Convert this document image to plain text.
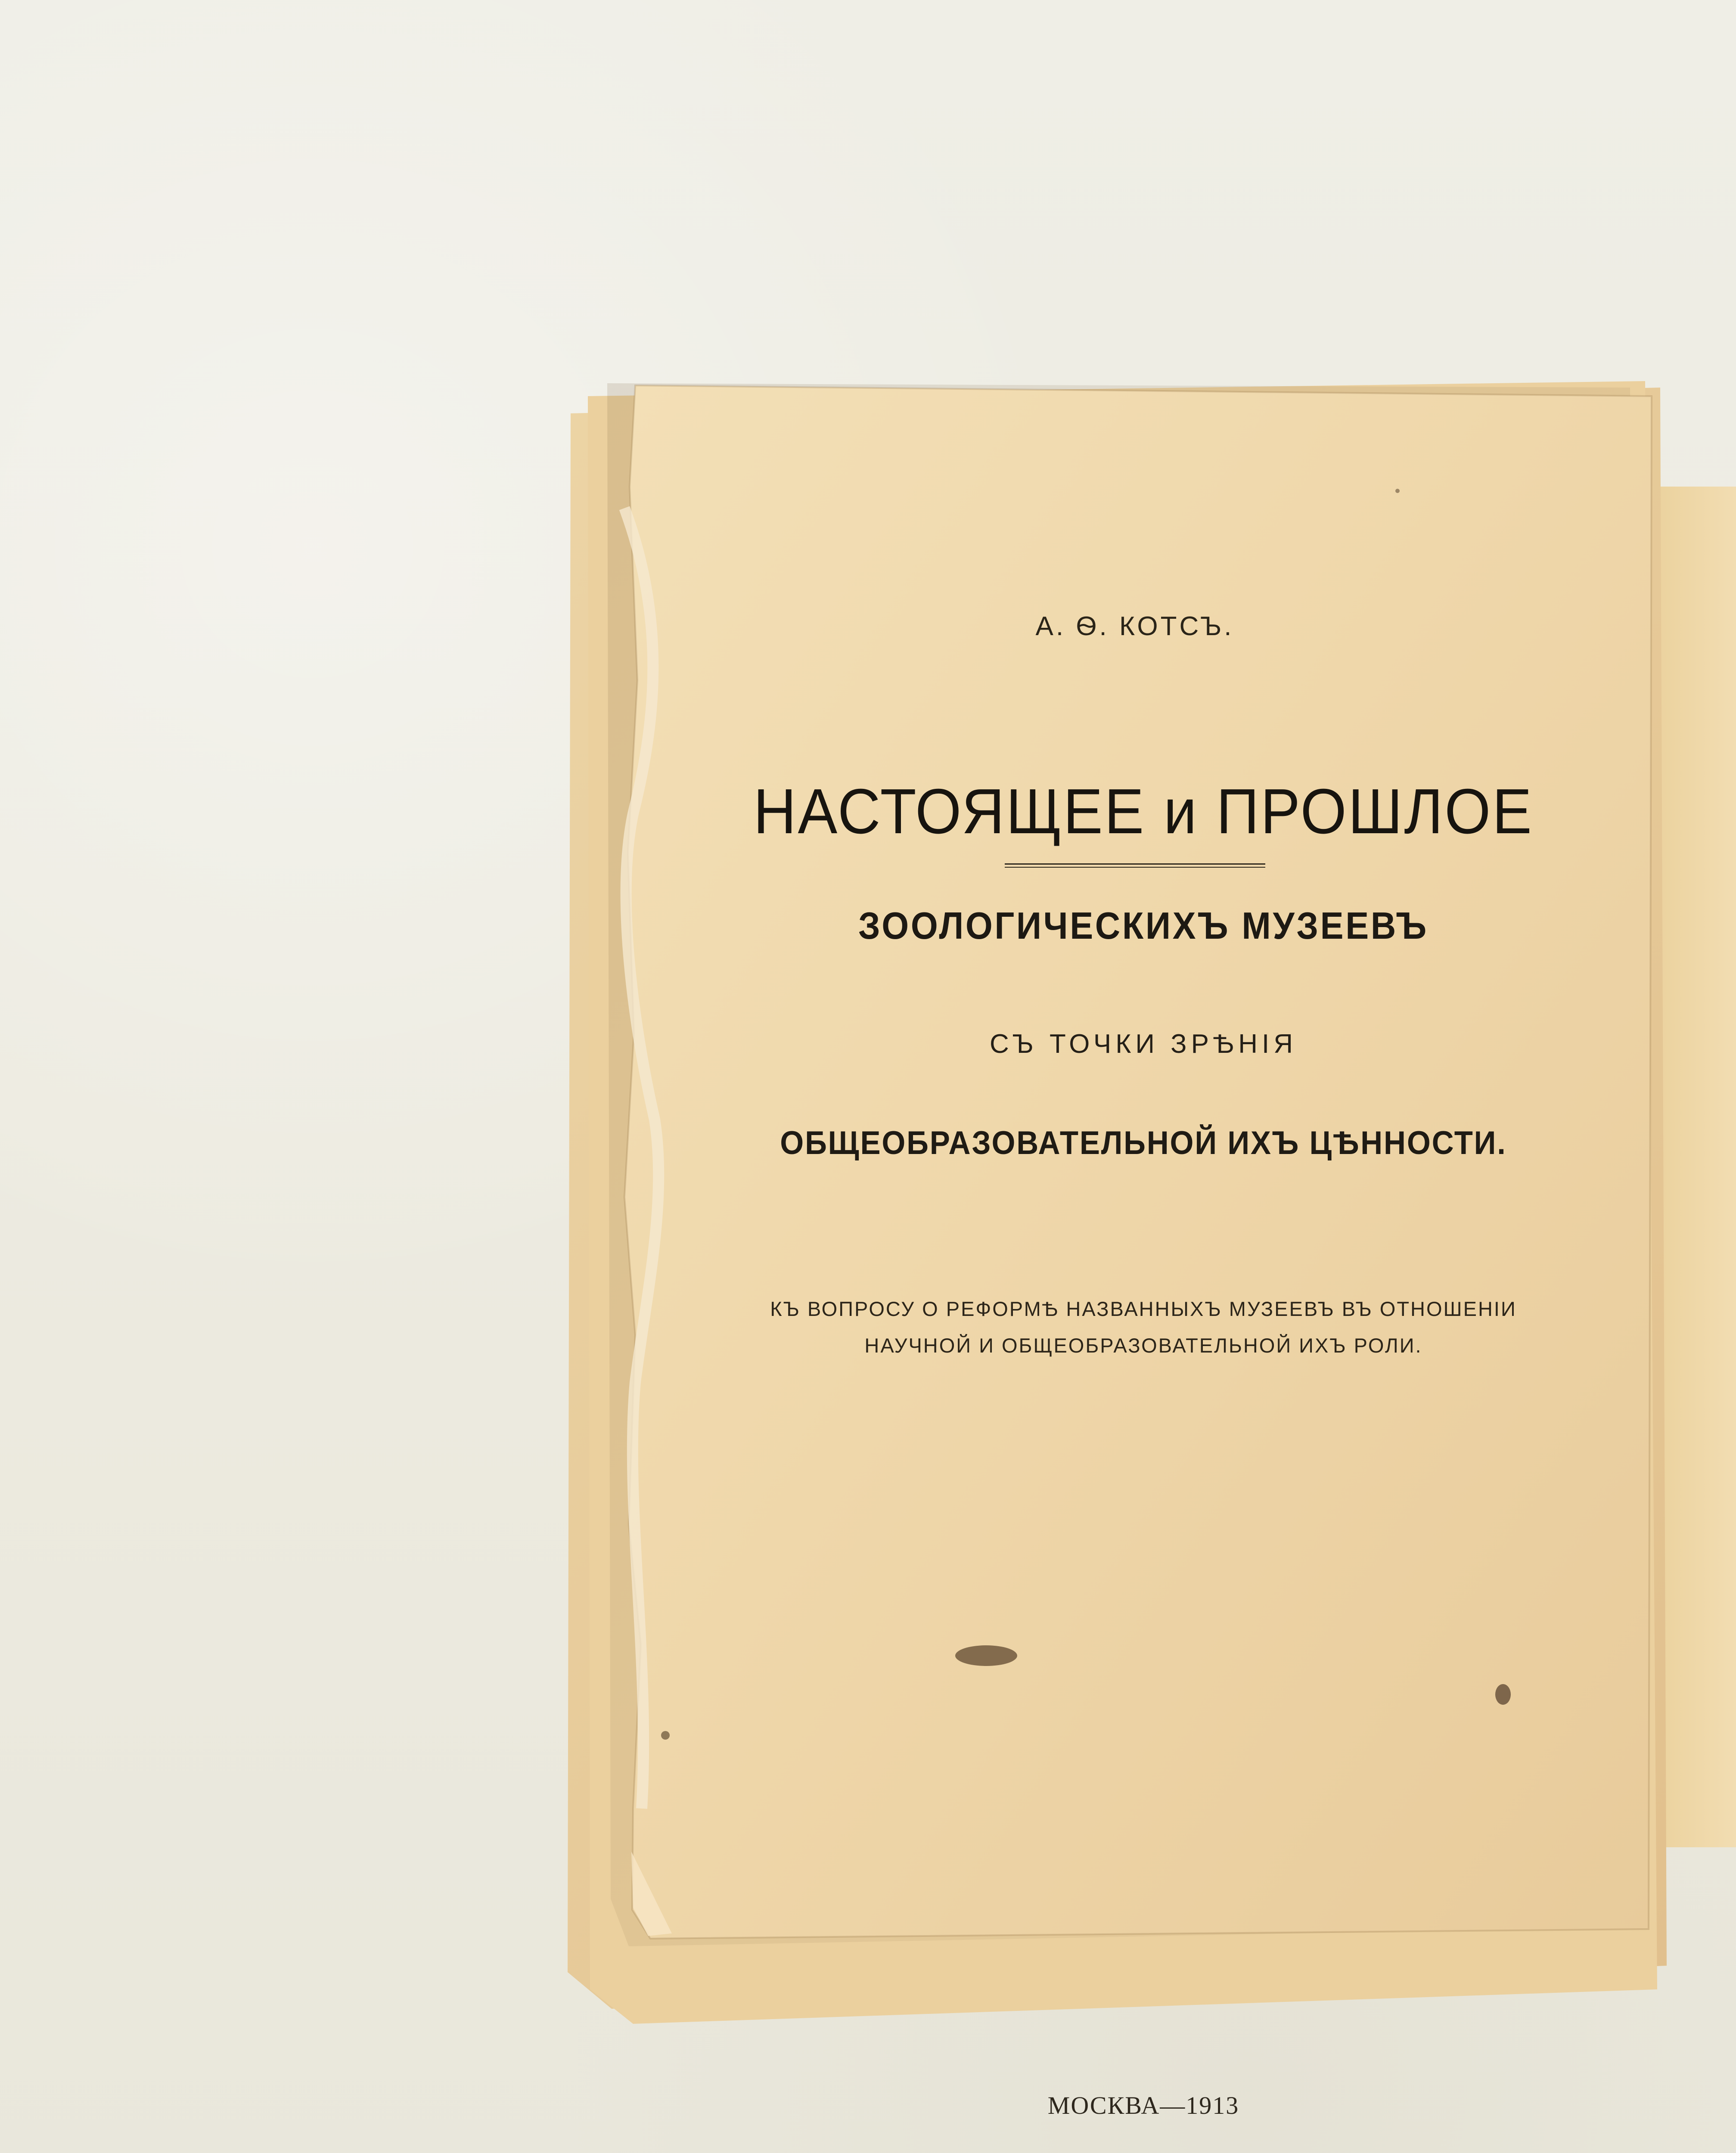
А. Ѳ. КОТСЪ.
НАСТОЯЩЕЕ и ПРОШЛОЕ
ЗООЛОГИЧЕСКИХЪ МУЗЕЕВЪ
СЪ ТОЧКИ ЗРѢНIЯ
ОБЩЕОБРАЗОВАТЕЛЬНОЙ ИХЪ ЦѢННОСТИ.
КЪ ВОПРОСУ О РЕФОРМѢ НАЗВАННЫХЪ МУЗЕЕВЪ ВЪ ОТНОШЕНІИ
НАУЧНОЙ И ОБЩЕОБРАЗОВАТЕЛЬНОЙ ИХЪ РОЛИ.
МОСКВА—1913
